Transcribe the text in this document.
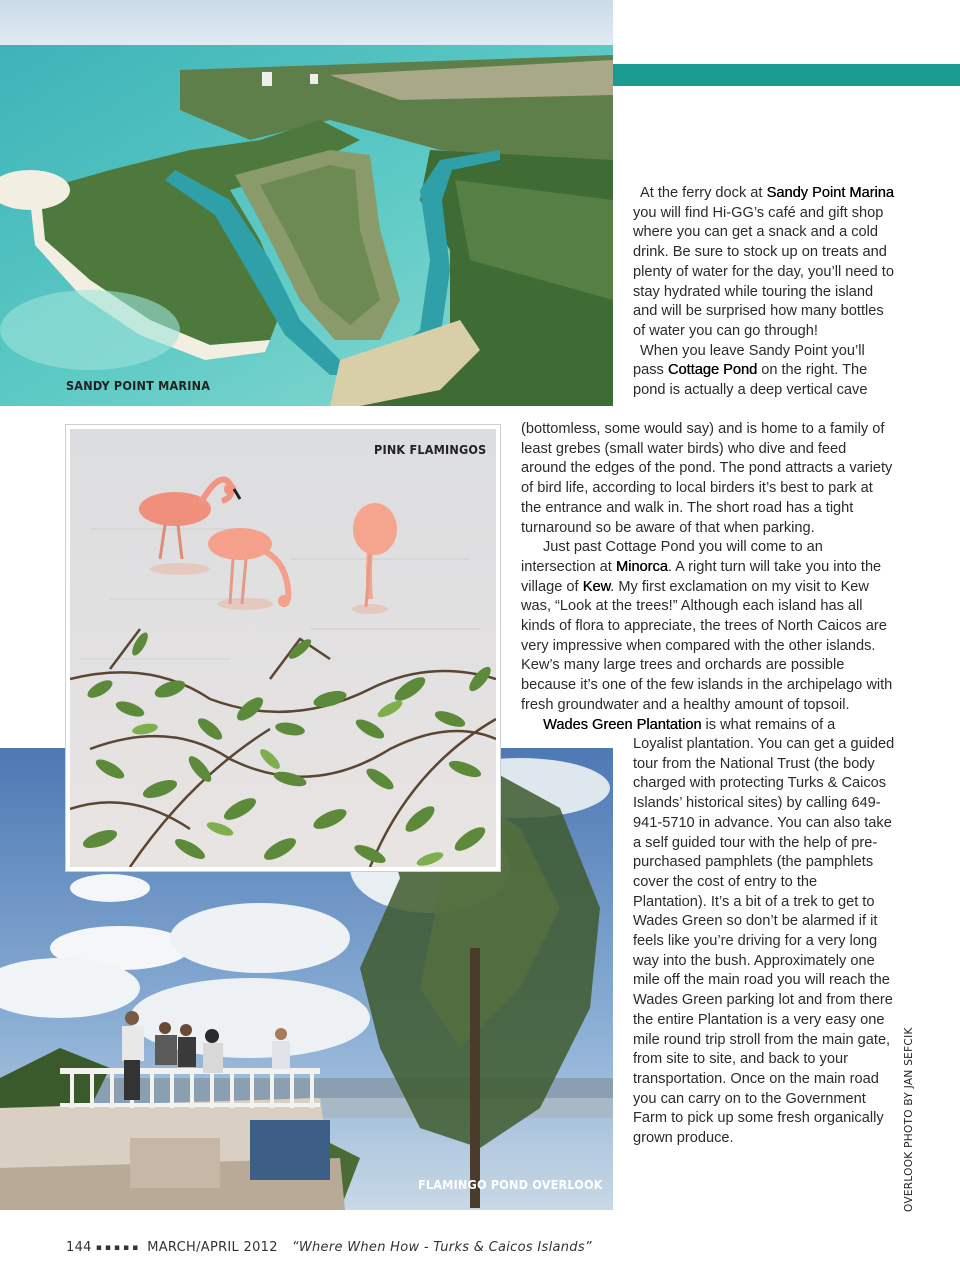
SANDY POINT MARINA
FLAMINGO POND OVERLOOK
PINK FLAMINGOS

At the ferry dock at Sandy Point Marina you will find Hi-GG’s café and gift shop where you can get a snack and a cold drink. Be sure to stock up on treats and plenty of water for the day, you’ll need to stay hydrated while touring the island and will be surprised how many bottles of water you can go through!

When you leave Sandy Point you’ll pass Cottage Pond on the right. The pond is actually a deep vertical cave

(bottomless, some would say) and is home to a family of least grebes (small water birds) who dive and feed around the edges of the pond. The pond attracts a variety of bird life, according to local birders it’s best to park at the entrance and walk in. The short road has a tight turnaround so be aware of that when parking.

Just past Cottage Pond you will come to an intersection at Minorca. A right turn will take you into the village of Kew. My first exclamation on my visit to Kew was, “Look at the trees!” Although each island has all kinds of flora to appreciate, the trees of North Caicos are very impressive when compared with the other islands. Kew’s many large trees and orchards are possible because it’s one of the few islands in the archipelago with fresh groundwater and a healthy amount of topsoil.

Wades Green Plantation is what remains of a

Loyalist plantation. You can get a guided tour from the National Trust (the body charged with protecting Turks & Caicos Islands’ historical sites) by calling 649-941-5710 in advance. You can also take a self guided tour with the help of pre-purchased pamphlets (the pamphlets cover the cost of entry to the Plantation). It’s a bit of a trek to get to Wades Green so don’t be alarmed if it feels like you’re driving for a very long way into the bush. Approximately one mile off the main road you will reach the Wades Green parking lot and from there the entire Plantation is a very easy one mile round trip stroll from the main gate, from site to site, and back to your transportation. Once on the main road you can carry on to the Government Farm to pick up some fresh organically grown produce.	OVERLOOK PHOTO BY JAN SEFCIK
144 ▪▪▪▪▪ MARCH/APRIL 2012 “Where When How - Turks & Caicos Islands”
